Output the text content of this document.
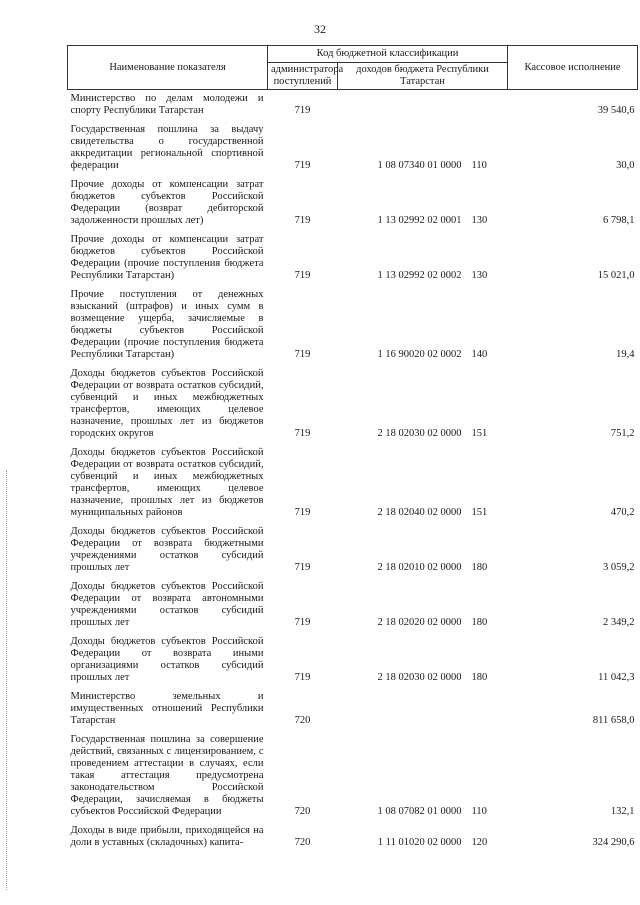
32
Наименование показателя	Код бюджетной классификации			Кассовое исполнение
	администратора поступлений	доходов бюджета Республики Татарстан		
Министерство по делам молодежи и спорту Республики Татарстан	719			39 540,6
Государственная пошлина за выдачу свидетельства о государственной аккредитации региональной спортивной федерации	719	1 08 07340 01 0000	110	30,0
Прочие доходы от компенсации затрат бюджетов субъектов Российской Федерации (возврат дебиторской задолженности прошлых лет)	719	1 13 02992 02 0001	130	6 798,1
Прочие доходы от компенсации затрат бюджетов субъектов Российской Федерации (прочие поступления бюджета Республики Татарстан)	719	1 13 02992 02 0002	130	15 021,0
Прочие поступления от денежных взысканий (штрафов) и иных сумм в возмещение ущерба, зачисляемые в бюджеты субъектов Российской Федерации (прочие поступления бюджета Республики Татарстан)	719	1 16 90020 02 0002	140	19,4
Доходы бюджетов субъектов Российской Федерации от возврата остатков субсидий, субвенций и иных межбюджетных трансфертов, имеющих целевое назначение, прошлых лет из бюджетов городских округов	719	2 18 02030 02 0000	151	751,2
Доходы бюджетов субъектов Российской Федерации от возврата остатков субсидий, субвенций и иных межбюджетных трансфертов, имеющих целевое назначение, прошлых лет из бюджетов муниципальных районов	719	2 18 02040 02 0000	151	470,2
Доходы бюджетов субъектов Российской Федерации от возврата бюджетными учреждениями остатков субсидий прошлых лет	719	2 18 02010 02 0000	180	3 059,2
Доходы бюджетов субъектов Российской Федерации от возврата автономными учреждениями остатков субсидий прошлых лет	719	2 18 02020 02 0000	180	2 349,2
Доходы бюджетов субъектов Российской Федерации от возврата иными организациями остатков субсидий прошлых лет	719	2 18 02030 02 0000	180	11 042,3
Министерство земельных и имущественных отношений Республики Татарстан	720			811 658,0
Государственная пошлина за совершение действий, связанных с лицензированием, с проведением аттестации в случаях, если такая аттестация предусмотрена законодательством Российской Федерации, зачисляемая в бюджеты субъектов Российской Федерации	720	1 08 07082 01 0000	110	132,1
Доходы в виде прибыли, приходящейся на доли в уставных (складочных) капита-	720	1 11 01020 02 0000	120	324 290,6
